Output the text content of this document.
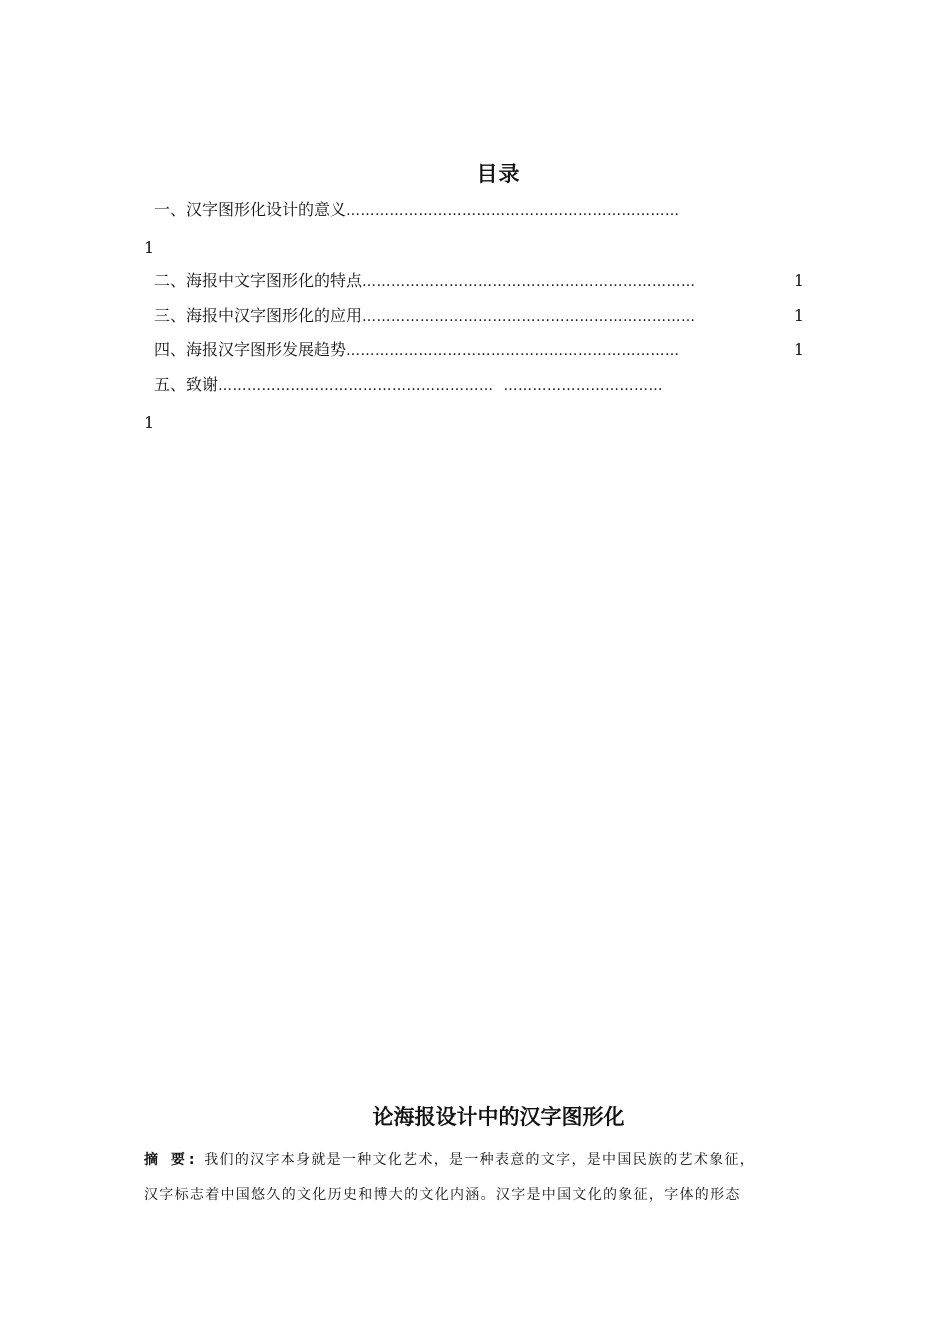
目录
一、汉字图形化设计的意义 ……………………………………………………………
1
二、海报中文字图形化的特点 ……………………………………………………………	1
三、海报中汉字图形化的应用 ……………………………………………………………	1
四、海报汉字图形发展趋势 ……………………………………………………………	1
五、致谢 ………………………………………………… ……………………………
1
论海报设计中的汉字图形化
摘 要: 我们的汉字本身就是一种文化艺术，是一种表意的文字，是中国民族的艺术象征，
汉字标志着中国悠久的文化历史和博大的文化内涵。汉字是中国文化的象征，字体的形态
